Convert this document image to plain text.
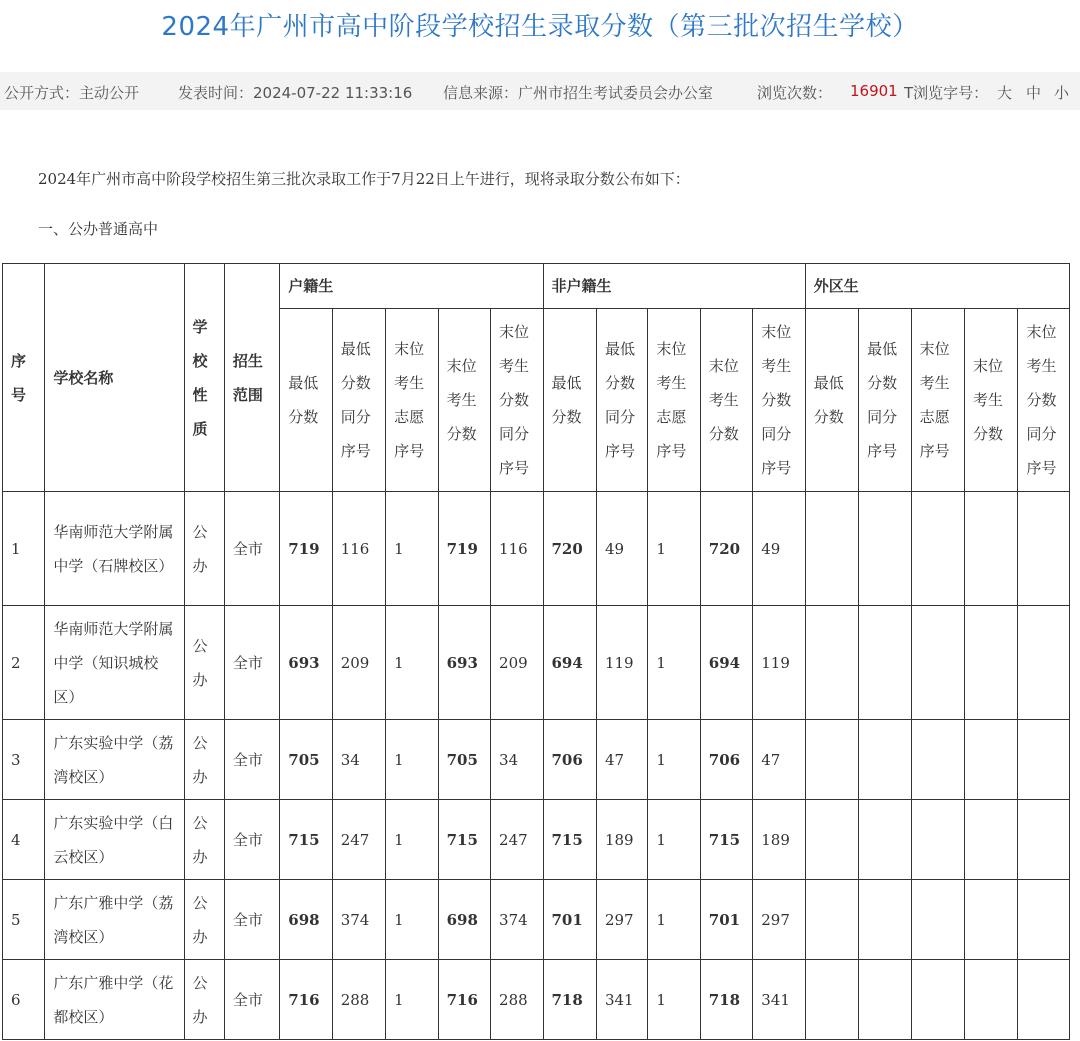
2024年广州市高中阶段学校招生录取分数（第三批次招生学校）
公开方式：主动公开	发表时间：2024-07-22 11:33:16 信息来源：广州市招生考试委员会办公室	浏览次数： 16901 T浏览字号： 大 中 小
2024年广州市高中阶段学校招生第三批次录取工作于7月22日上午进行，现将录取分数公布如下：
一、公办普通高中
序号	学校名称	学校性质	招生范围	户籍生					非户籍生					外区生				

				最低分数	最低分数同分序号	末位考生志愿序号	末位考生分数	末位考生分数同分序号	最低分数	最低分数同分序号	末位考生志愿序号	末位考生分数	末位考生分数同分序号	最低分数	最低分数同分序号	末位考生志愿序号	末位考生分数	末位考生分数同分序号

1	华南师范大学附属中学（石牌校区）	公办	全市	719	116	1	719	116	720	49	1	720	49					
2	华南师范大学附属中学（知识城校区）	公办	全市	693	209	1	693	209	694	119	1	694	119					
3	广东实验中学（荔湾校区）	公办	全市	705	34	1	705	34	706	47	1	706	47					
4	广东实验中学（白云校区）	公办	全市	715	247	1	715	247	715	189	1	715	189					
5	广东广雅中学（荔湾校区）	公办	全市	698	374	1	698	374	701	297	1	701	297					
6	广东广雅中学（花都校区）	公办	全市	716	288	1	716	288	718	341	1	718	341					
